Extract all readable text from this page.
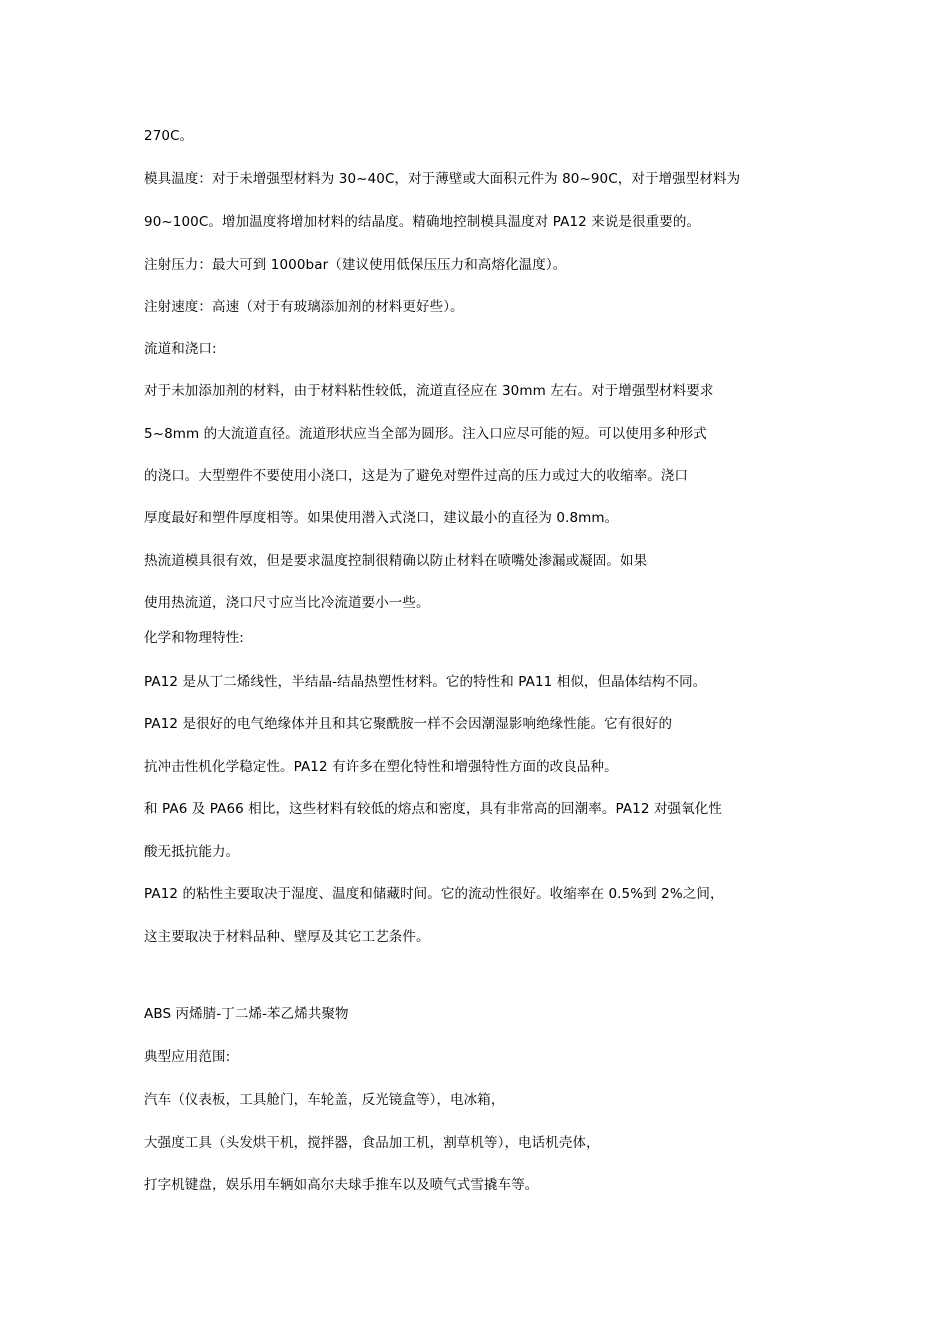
270C。
模具温度：对于未增强型材料为 30~40C，对于薄壁或大面积元件为 80~90C，对于增强型材料为
90~100C。增加温度将增加材料的结晶度。精确地控制模具温度对 PA12 来说是很重要的。
注射压力：最大可到 1000bar（建议使用低保压压力和高熔化温度）。
注射速度：高速（对于有玻璃添加剂的材料更好些）。
流道和浇口:
对于未加添加剂的材料，由于材料粘性较低，流道直径应在 30mm 左右。对于增强型材料要求
5~8mm 的大流道直径。流道形状应当全部为圆形。注入口应尽可能的短。可以使用多种形式
的浇口。大型塑件不要使用小浇口，这是为了避免对塑件过高的压力或过大的收缩率。浇口
厚度最好和塑件厚度相等。如果使用潜入式浇口，建议最小的直径为 0.8mm。
热流道模具很有效，但是要求温度控制很精确以防止材料在喷嘴处渗漏或凝固。如果
使用热流道，浇口尺寸应当比冷流道要小一些。
化学和物理特性:
PA12 是从丁二烯线性，半结晶-结晶热塑性材料。它的特性和 PA11 相似，但晶体结构不同。
PA12 是很好的电气绝缘体并且和其它聚酰胺一样不会因潮湿影响绝缘性能。它有很好的
抗冲击性机化学稳定性。PA12 有许多在塑化特性和增强特性方面的改良品种。
和 PA6 及 PA66 相比，这些材料有较低的熔点和密度，具有非常高的回潮率。PA12 对强氧化性
酸无抵抗能力。
PA12 的粘性主要取决于湿度、温度和储藏时间。它的流动性很好。收缩率在 0.5%到 2%之间，
这主要取决于材料品种、壁厚及其它工艺条件。
ABS 丙烯腈-丁二烯-苯乙烯共聚物
典型应用范围:
汽车（仪表板，工具舱门，车轮盖，反光镜盒等），电冰箱，
大强度工具（头发烘干机，搅拌器，食品加工机，割草机等），电话机壳体，
打字机键盘，娱乐用车辆如高尔夫球手推车以及喷气式雪撬车等。
